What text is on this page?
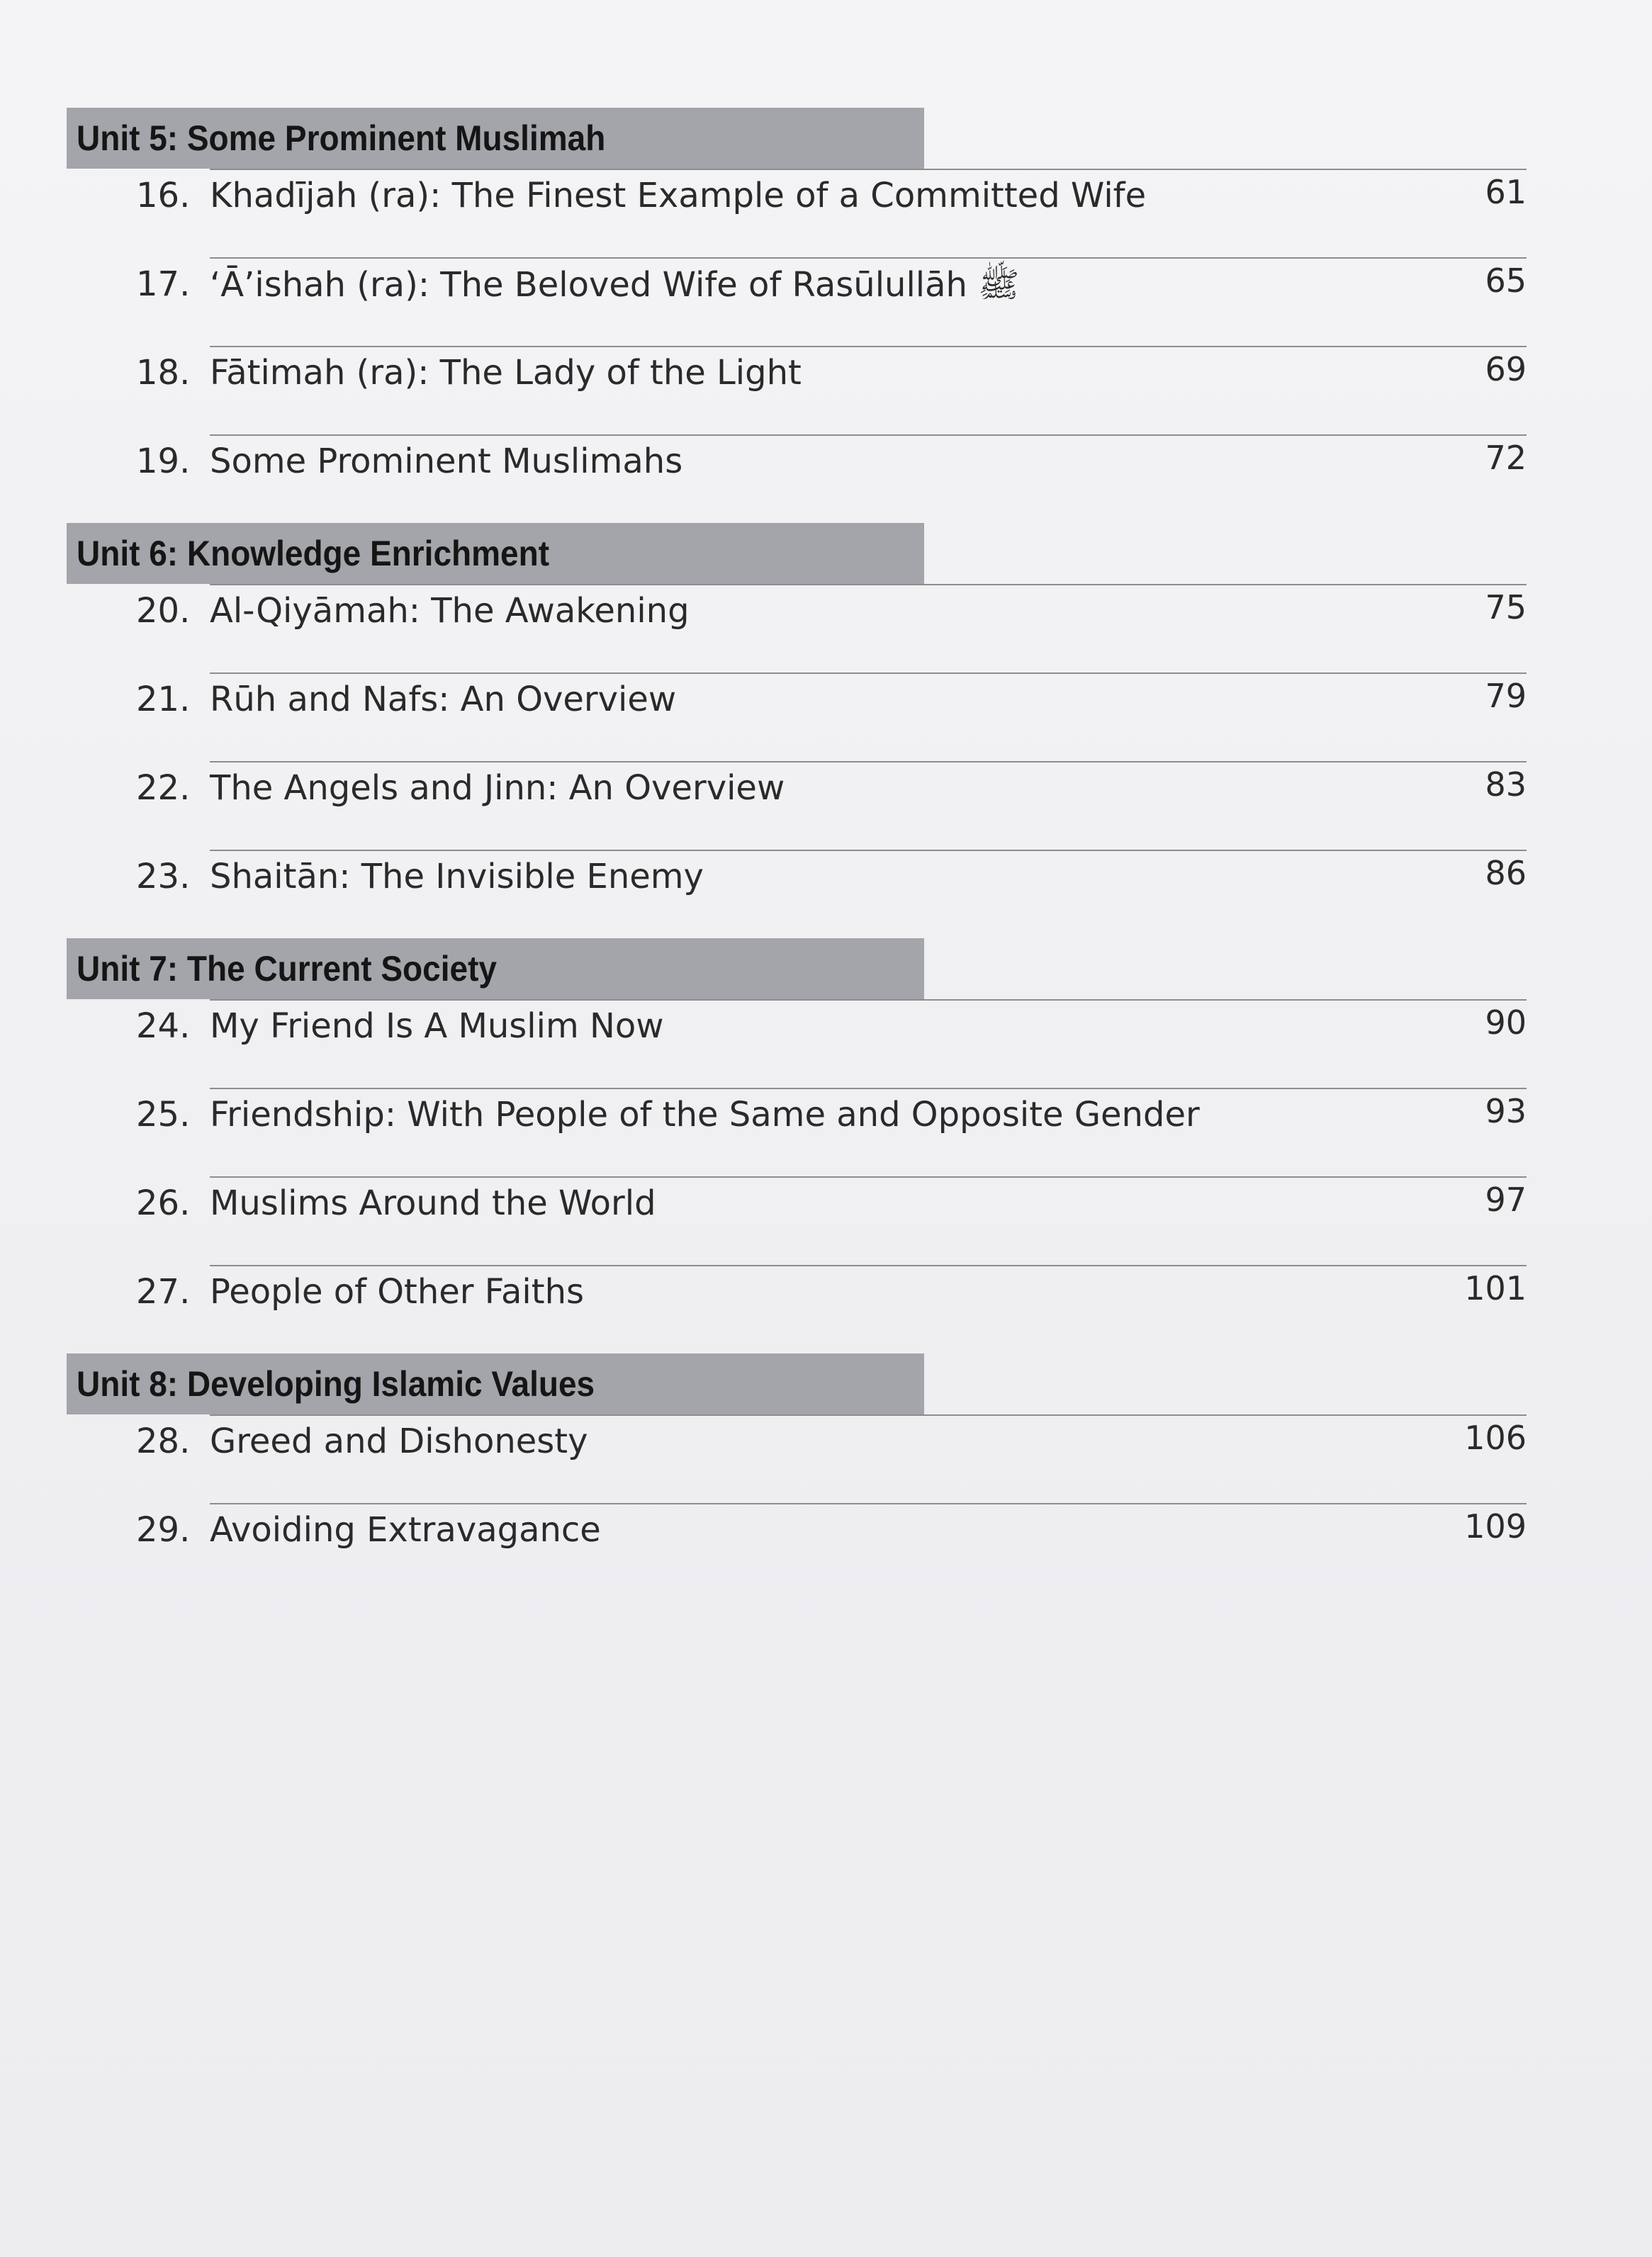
Unit 5: Some Prominent Muslimah
16. Khadījah (ra): The Finest Example of a Committed Wife	61
17. ‘Ā’ishah (ra): The Beloved Wife of Rasūlullāh ﷺ	65
18. Fātimah (ra): The Lady of the Light	69
19. Some Prominent Muslimahs	72
Unit 6: Knowledge Enrichment
20. Al-Qiyāmah: The Awakening	75
21. Rūh and Nafs: An Overview	79
22. The Angels and Jinn: An Overview	83
23. Shaitān: The Invisible Enemy	86
Unit 7: The Current Society
24. My Friend Is A Muslim Now	90
25. Friendship: With People of the Same and Opposite Gender	93
26. Muslims Around the World	97
27. People of Other Faiths	101
Unit 8: Developing Islamic Values
28. Greed and Dishonesty	106
29. Avoiding Extravagance	109
